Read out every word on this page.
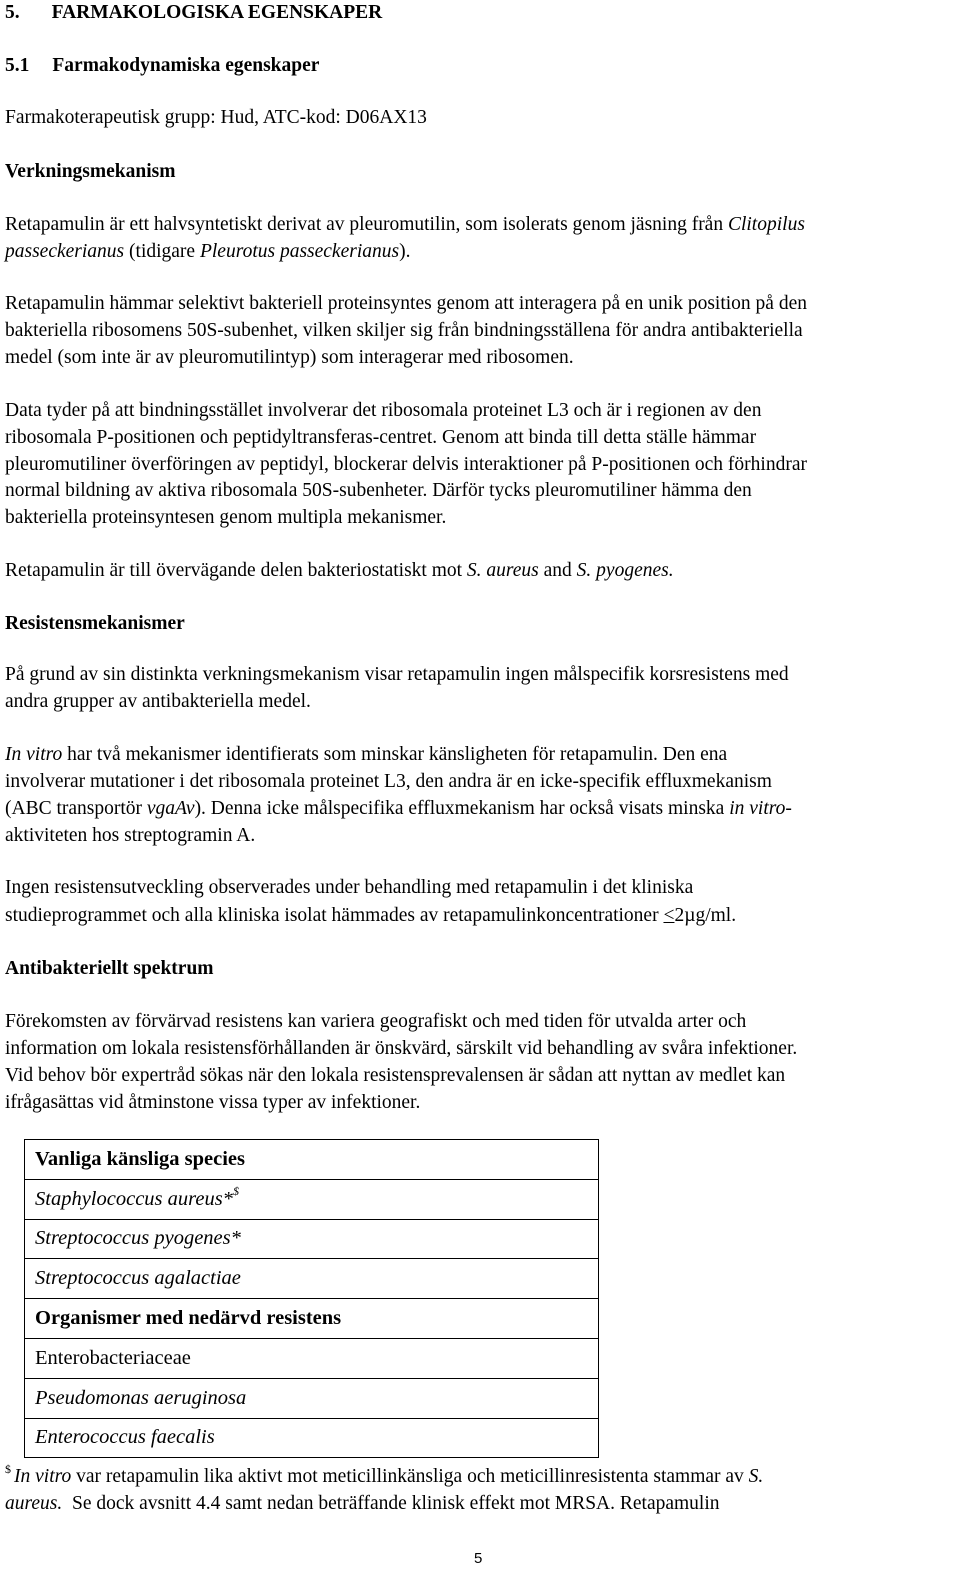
5. FARMAKOLOGISKA EGENSKAPER
5.1 Farmakodynamiska egenskaper
Farmakoterapeutisk grupp: Hud, ATC-kod: D06AX13
Verkningsmekanism
Retapamulin är ett halvsyntetiskt derivat av pleuromutilin, som isolerats genom jäsning från Clitopilus
passeckerianus (tidigare Pleurotus passeckerianus).
Retapamulin hämmar selektivt bakteriell proteinsyntes genom att interagera på en unik position på den
bakteriella ribosomens 50S-subenhet, vilken skiljer sig från bindningsställena för andra antibakteriella
medel (som inte är av pleuromutilintyp) som interagerar med ribosomen.
Data tyder på att bindningsstället involverar det ribosomala proteinet L3 och är i regionen av den
ribosomala P-positionen och peptidyltransferas-centret. Genom att binda till detta ställe hämmar
pleuromutiliner överföringen av peptidyl, blockerar delvis interaktioner på P-positionen och förhindrar
normal bildning av aktiva ribosomala 50S-subenheter. Därför tycks pleuromutiliner hämma den
bakteriella proteinsyntesen genom multipla mekanismer.
Retapamulin är till övervägande delen bakteriostatiskt mot S. aureus and S. pyogenes.
Resistensmekanismer
På grund av sin distinkta verkningsmekanism visar retapamulin ingen målspecifik korsresistens med
andra grupper av antibakteriella medel.
In vitro har två mekanismer identifierats som minskar känsligheten för retapamulin. Den ena
involverar mutationer i det ribosomala proteinet L3, den andra är en icke-specifik effluxmekanism
(ABC transportör vgaAv). Denna icke målspecifika effluxmekanism har också visats minska in vitro-
aktiviteten hos streptogramin A.
Ingen resistensutveckling observerades under behandling med retapamulin i det kliniska
studieprogrammet och alla kliniska isolat hämmades av retapamulinkoncentrationer ≤2µg/ml.
Antibakteriellt spektrum
Förekomsten av förvärvad resistens kan variera geografiskt och med tiden för utvalda arter och
information om lokala resistensförhållanden är önskvärd, särskilt vid behandling av svåra infektioner.
Vid behov bör expertråd sökas när den lokala resistensprevalensen är sådan att nyttan av medlet kan
ifrågasättas vid åtminstone vissa typer av infektioner.
Vanliga känsliga species
Staphylococcus aureus*$
Streptococcus pyogenes*
Streptococcus agalactiae
Organismer med nedärvd resistens
Enterobacteriaceae
Pseudomonas aeruginosa
Enterococcus faecalis
$ In vitro var retapamulin lika aktivt mot meticillinkänsliga och meticillinresistenta stammar av S.
aureus.  Se dock avsnitt 4.4 samt nedan beträffande klinisk effekt mot MRSA. Retapamulin
5
